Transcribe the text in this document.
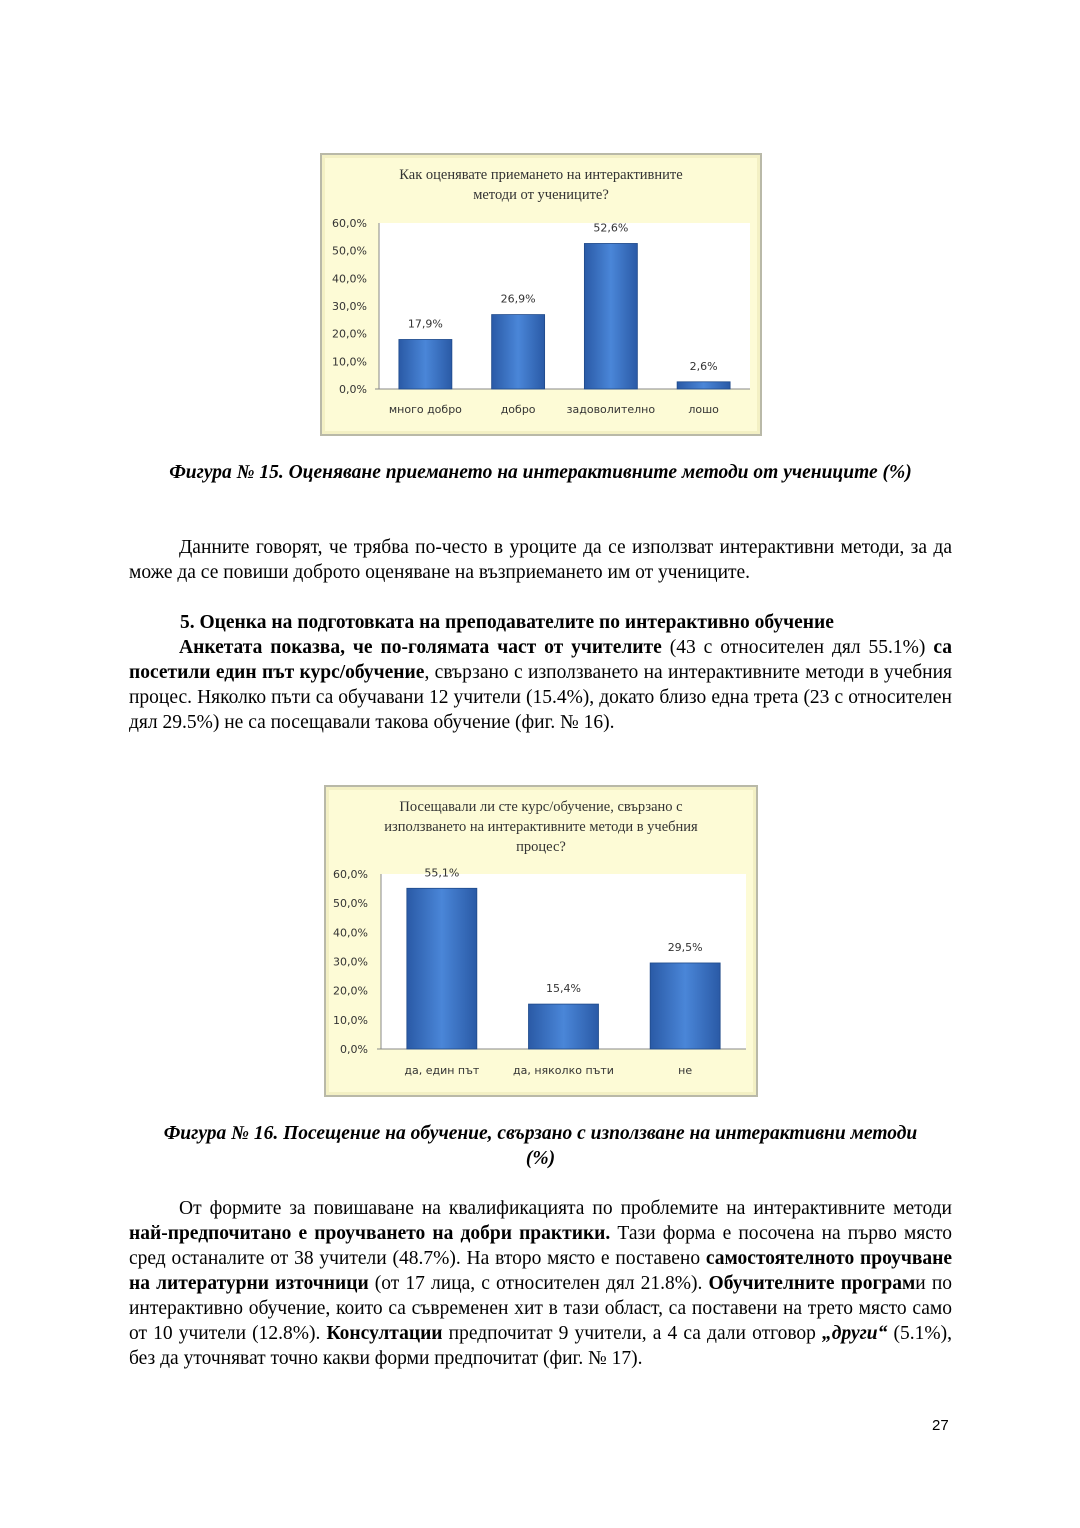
Как оценявате приемането на интерактивните
методи от учениците?
0,0%
10,0%
20,0%
30,0%
40,0%
50,0%
60,0%
17,9%
много добро
26,9%
добро
52,6%
задоволително
2,6%
лошо
Фигура № 15. Оценяване приемането на интерактивните методи от учениците (%)
Данните говорят, че трябва по-често в уроците да се използват интерактивни методи, за да може да се повиши доброто оценяване на възприемането им от учениците.
5. Оценка на подготовката на преподавателите по интерактивно обучение
Анкетата показва, че по-голямата част от учителите (43 с относителен дял 55.1%) са посетили един път курс/обучение, свързано с използването на интерактивните методи в учебния процес. Няколко пъти са обучавани 12 учители (15.4%), докато близо една трета (23 с относителен дял 29.5%) не са посещавали такова обучение (фиг. № 16).
Посещавали ли сте курс/обучение, свързано с
използването на интерактивните методи в учебния
процес?
0,0%
10,0%
20,0%
30,0%
40,0%
50,0%
60,0%	55,1%
да, един път
15,4%
да, няколко пъти
29,5%
не
Фигура № 16. Посещение на обучение, свързано с използване на интерактивни методи (%)
От формите за повишаване на квалификацията по проблемите на интерактивните методи най-предпочитано е проучването на добри практики. Тази форма е посочена на първо място сред останалите от 38 учители (48.7%). На второ място е поставено самостоятелното проучване на литературни източници (от 17 лица, с относителен дял 21.8%). Обучителните програми по интерактивно обучение, които са съвременен хит в тази област, са поставени на трето място само от 10 учители (12.8%). Консултации предпочитат 9 учители, а 4 са дали отговор „други“ (5.1%), без да уточняват точно какви форми предпочитат (фиг. № 17).
27
